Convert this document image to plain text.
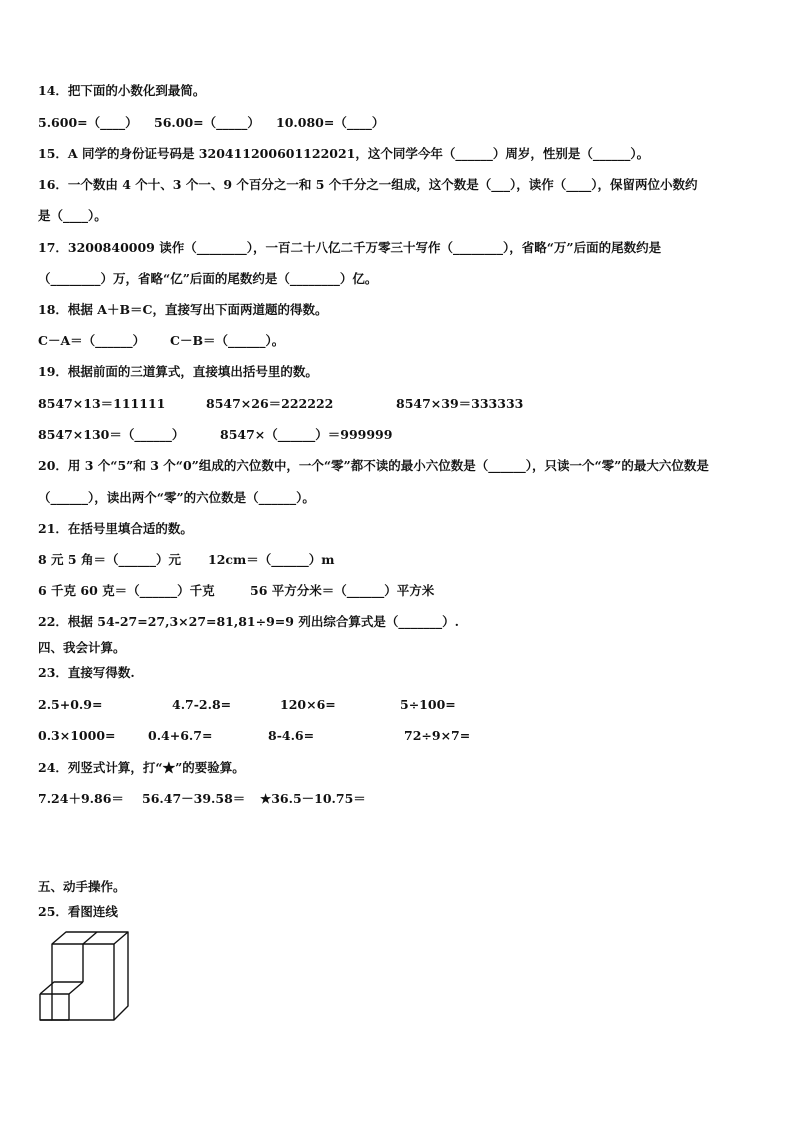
14．把下面的小数化到最简。
5.600=（____） 56.00=（_____） 10.080=（____）
15．A 同学的身份证号码是 320411200601122021，这个同学今年（______）周岁，性别是（______）。
16．一个数由 4 个十、3 个一、9 个百分之一和 5 个千分之一组成，这个数是（___），读作（____），保留两位小数约
是（____）。
17．3200840009 读作（________），一百二十八亿二千万零三十写作（________），省略“万”后面的尾数约是
（________）万，省略“亿”后面的尾数约是（________）亿。
18．根据 A＋B＝C，直接写出下面两道题的得数。
C－A＝（______） C－B＝（______）。
19．根据前面的三道算式，直接填出括号里的数。
8547×13＝111111	8547×26＝222222	8547×39＝333333
8547×130＝（______）	8547×（______）＝999999
20．用 3 个“5”和 3 个“0”组成的六位数中，一个“零”都不读的最小六位数是（______），只读一个“零”的最大六位数是
（______），读出两个“零”的六位数是（______）。
21．在括号里填合适的数。
8 元 5 角＝（______）元 12cm＝（______）m
6 千克 60 克＝（______）千克	56 平方分米＝（______）平方米
22．根据 54-27=27,3×27=81,81÷9=9 列出综合算式是（_______）.
四、我会计算。
23．直接写得数.
2.5+0.9=	4.7-2.8=	120×6=	5÷100=
0.3×1000=	0.4+6.7=	8-4.6=	72÷9×7=
24．列竖式计算，打“★”的要验算。
7.24＋9.86＝ 56.47－39.58＝ ★36.5－10.75＝
五、动手操作。
25．看图连线
